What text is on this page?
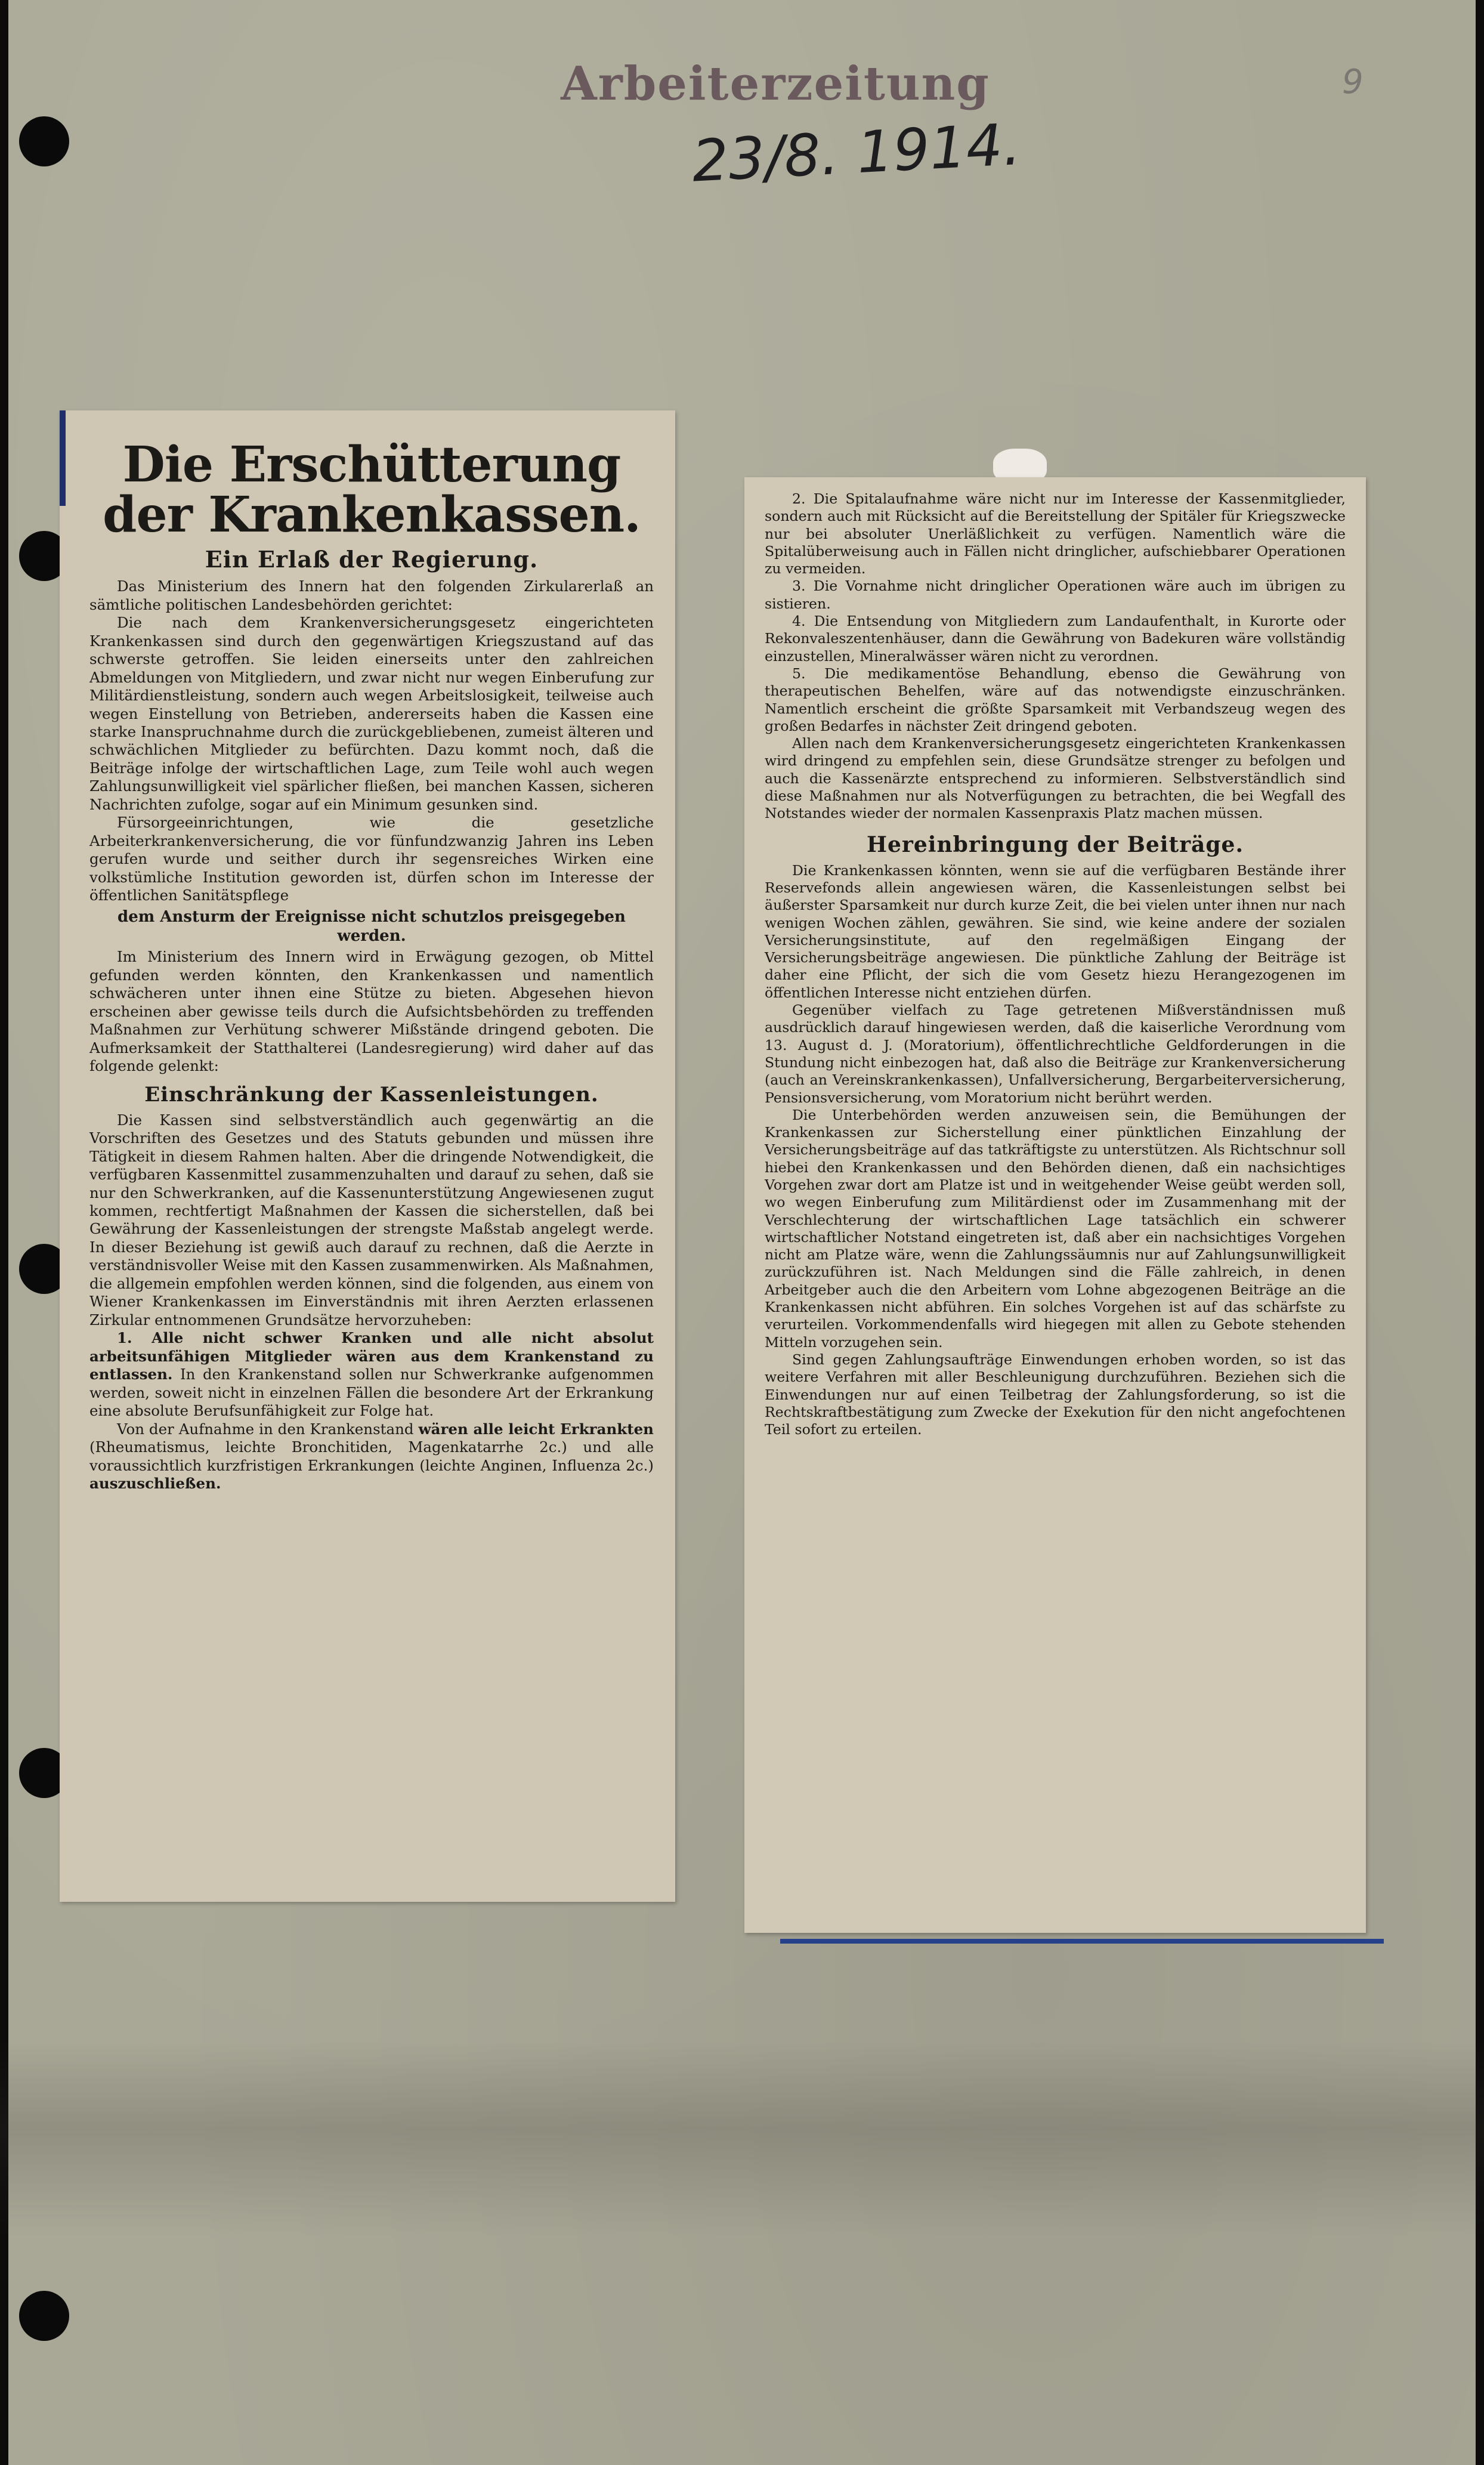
Arbeiterzeitung
23/8. 1914.
9
Die Erschütterung der Krankenkassen.
Ein Erlaß der Regierung.

Das Ministerium des Innern hat den folgenden Zirkularerlaß an sämtliche politischen Landesbehörden gerichtet:

Die nach dem Krankenversicherungsgesetz eingerichteten Krankenkassen sind durch den gegenwärtigen Kriegszustand auf das schwerste getroffen. Sie leiden einerseits unter den zahlreichen Abmeldungen von Mitgliedern, und zwar nicht nur wegen Einberufung zur Militärdienstleistung, sondern auch wegen Arbeitslosigkeit, teilweise auch wegen Einstellung von Betrieben, andererseits haben die Kassen eine starke Inanspruchnahme durch die zurückgebliebenen, zumeist älteren und schwächlichen Mitglieder zu befürchten. Dazu kommt noch, daß die Beiträge infolge der wirtschaftlichen Lage, zum Teile wohl auch wegen Zahlungsunwilligkeit viel spärlicher fließen, bei manchen Kassen, sicheren Nachrichten zufolge, sogar auf ein Minimum gesunken sind.

Fürsorgeeinrichtungen, wie die gesetzliche Arbeiterkrankenversicherung, die vor fünfundzwanzig Jahren ins Leben gerufen wurde und seither durch ihr segensreiches Wirken eine volkstümliche Institution geworden ist, dürfen schon im Interesse der öffentlichen Sanitätspflege

dem Ansturm der Ereignisse nicht schutzlos preisgegeben werden.

Im Ministerium des Innern wird in Erwägung gezogen, ob Mittel gefunden werden könnten, den Krankenkassen und namentlich schwächeren unter ihnen eine Stütze zu bieten. Abgesehen hievon erscheinen aber gewisse teils durch die Aufsichtsbehörden zu treffenden Maßnahmen zur Verhütung schwerer Mißstände dringend geboten. Die Aufmerksamkeit der Statthalterei (Landesregierung) wird daher auf das folgende gelenkt:

Einschränkung der Kassenleistungen.

Die Kassen sind selbstverständlich auch gegenwärtig an die Vorschriften des Gesetzes und des Statuts gebunden und müssen ihre Tätigkeit in diesem Rahmen halten. Aber die dringende Notwendigkeit, die verfügbaren Kassenmittel zusammenzuhalten und darauf zu sehen, daß sie nur den Schwerkranken, auf die Kassenunterstützung Angewiesenen zugut kommen, rechtfertigt Maßnahmen der Kassen die sicherstellen, daß bei Gewährung der Kassenleistungen der strengste Maßstab angelegt werde. In dieser Beziehung ist gewiß auch darauf zu rechnen, daß die Aerzte in verständnisvoller Weise mit den Kassen zusammenwirken. Als Maßnahmen, die allgemein empfohlen werden können, sind die folgenden, aus einem von Wiener Krankenkassen im Einverständnis mit ihren Aerzten erlassenen Zirkular entnommenen Grundsätze hervorzuheben:

1. Alle nicht schwer Kranken und alle nicht absolut arbeitsunfähigen Mitglieder wären aus dem Krankenstand zu entlassen. In den Krankenstand sollen nur Schwerkranke aufgenommen werden, soweit nicht in einzelnen Fällen die besondere Art der Erkrankung eine absolute Berufsunfähigkeit zur Folge hat.

Von der Aufnahme in den Krankenstand wären alle leicht Erkrankten (Rheumatismus, leichte Bronchitiden, Magenkatarrhe 2c.) und alle voraussichtlich kurzfristigen Erkrankungen (leichte Anginen, Influenza 2c.) auszuschließen.

2. Die Spitalaufnahme wäre nicht nur im Interesse der Kassenmitglieder, sondern auch mit Rücksicht auf die Bereitstellung der Spitäler für Kriegszwecke nur bei absoluter Unerläßlichkeit zu verfügen. Namentlich wäre die Spitalüberweisung auch in Fällen nicht dringlicher, aufschiebbarer Operationen zu vermeiden.

3. Die Vornahme nicht dringlicher Operationen wäre auch im übrigen zu sistieren.

4. Die Entsendung von Mitgliedern zum Landaufenthalt, in Kurorte oder Rekonvaleszentenhäuser, dann die Gewährung von Badekuren wäre vollständig einzustellen, Mineralwässer wären nicht zu verordnen.

5. Die medikamentöse Behandlung, ebenso die Gewährung von therapeutischen Behelfen, wäre auf das notwendigste einzuschränken. Namentlich erscheint die größte Sparsamkeit mit Verbandszeug wegen des großen Bedarfes in nächster Zeit dringend geboten.

Allen nach dem Krankenversicherungsgesetz eingerichteten Krankenkassen wird dringend zu empfehlen sein, diese Grundsätze strenger zu befolgen und auch die Kassenärzte entsprechend zu informieren. Selbstverständlich sind diese Maßnahmen nur als Notverfügungen zu betrachten, die bei Wegfall des Notstandes wieder der normalen Kassenpraxis Platz machen müssen.

Hereinbringung der Beiträge.

Die Krankenkassen könnten, wenn sie auf die verfügbaren Bestände ihrer Reservefonds allein angewiesen wären, die Kassenleistungen selbst bei äußerster Sparsamkeit nur durch kurze Zeit, die bei vielen unter ihnen nur nach wenigen Wochen zählen, gewähren. Sie sind, wie keine andere der sozialen Versicherungsinstitute, auf den regelmäßigen Eingang der Versicherungsbeiträge angewiesen. Die pünktliche Zahlung der Beiträge ist daher eine Pflicht, der sich die vom Gesetz hiezu Herangezogenen im öffentlichen Interesse nicht entziehen dürfen.

Gegenüber vielfach zu Tage getretenen Mißverständnissen muß ausdrücklich darauf hingewiesen werden, daß die kaiserliche Verordnung vom 13. August d. J. (Moratorium), öffentlichrechtliche Geldforderungen in die Stundung nicht einbezogen hat, daß also die Beiträge zur Krankenversicherung (auch an Vereinskrankenkassen), Unfallversicherung, Bergarbeiterversicherung, Pensionsversicherung, vom Moratorium nicht berührt werden.

Die Unterbehörden werden anzuweisen sein, die Bemühungen der Krankenkassen zur Sicherstellung einer pünktlichen Einzahlung der Versicherungsbeiträge auf das tatkräftigste zu unterstützen. Als Richtschnur soll hiebei den Krankenkassen und den Behörden dienen, daß ein nachsichtiges Vorgehen zwar dort am Platze ist und in weitgehender Weise geübt werden soll, wo wegen Einberufung zum Militärdienst oder im Zusammenhang mit der Verschlechterung der wirtschaftlichen Lage tatsächlich ein schwerer wirtschaftlicher Notstand eingetreten ist, daß aber ein nachsichtiges Vorgehen nicht am Platze wäre, wenn die Zahlungssäumnis nur auf Zahlungsunwilligkeit zurückzuführen ist. Nach Meldungen sind die Fälle zahlreich, in denen Arbeitgeber auch die den Arbeitern vom Lohne abgezogenen Beiträge an die Krankenkassen nicht abführen. Ein solches Vorgehen ist auf das schärfste zu verurteilen. Vorkommendenfalls wird hiegegen mit allen zu Gebote stehenden Mitteln vorzugehen sein.

Sind gegen Zahlungsaufträge Einwendungen erhoben worden, so ist das weitere Verfahren mit aller Beschleunigung durchzuführen. Beziehen sich die Einwendungen nur auf einen Teilbetrag der Zahlungsforderung, so ist die Rechtskraftbestätigung zum Zwecke der Exekution für den nicht angefochtenen Teil sofort zu erteilen.
